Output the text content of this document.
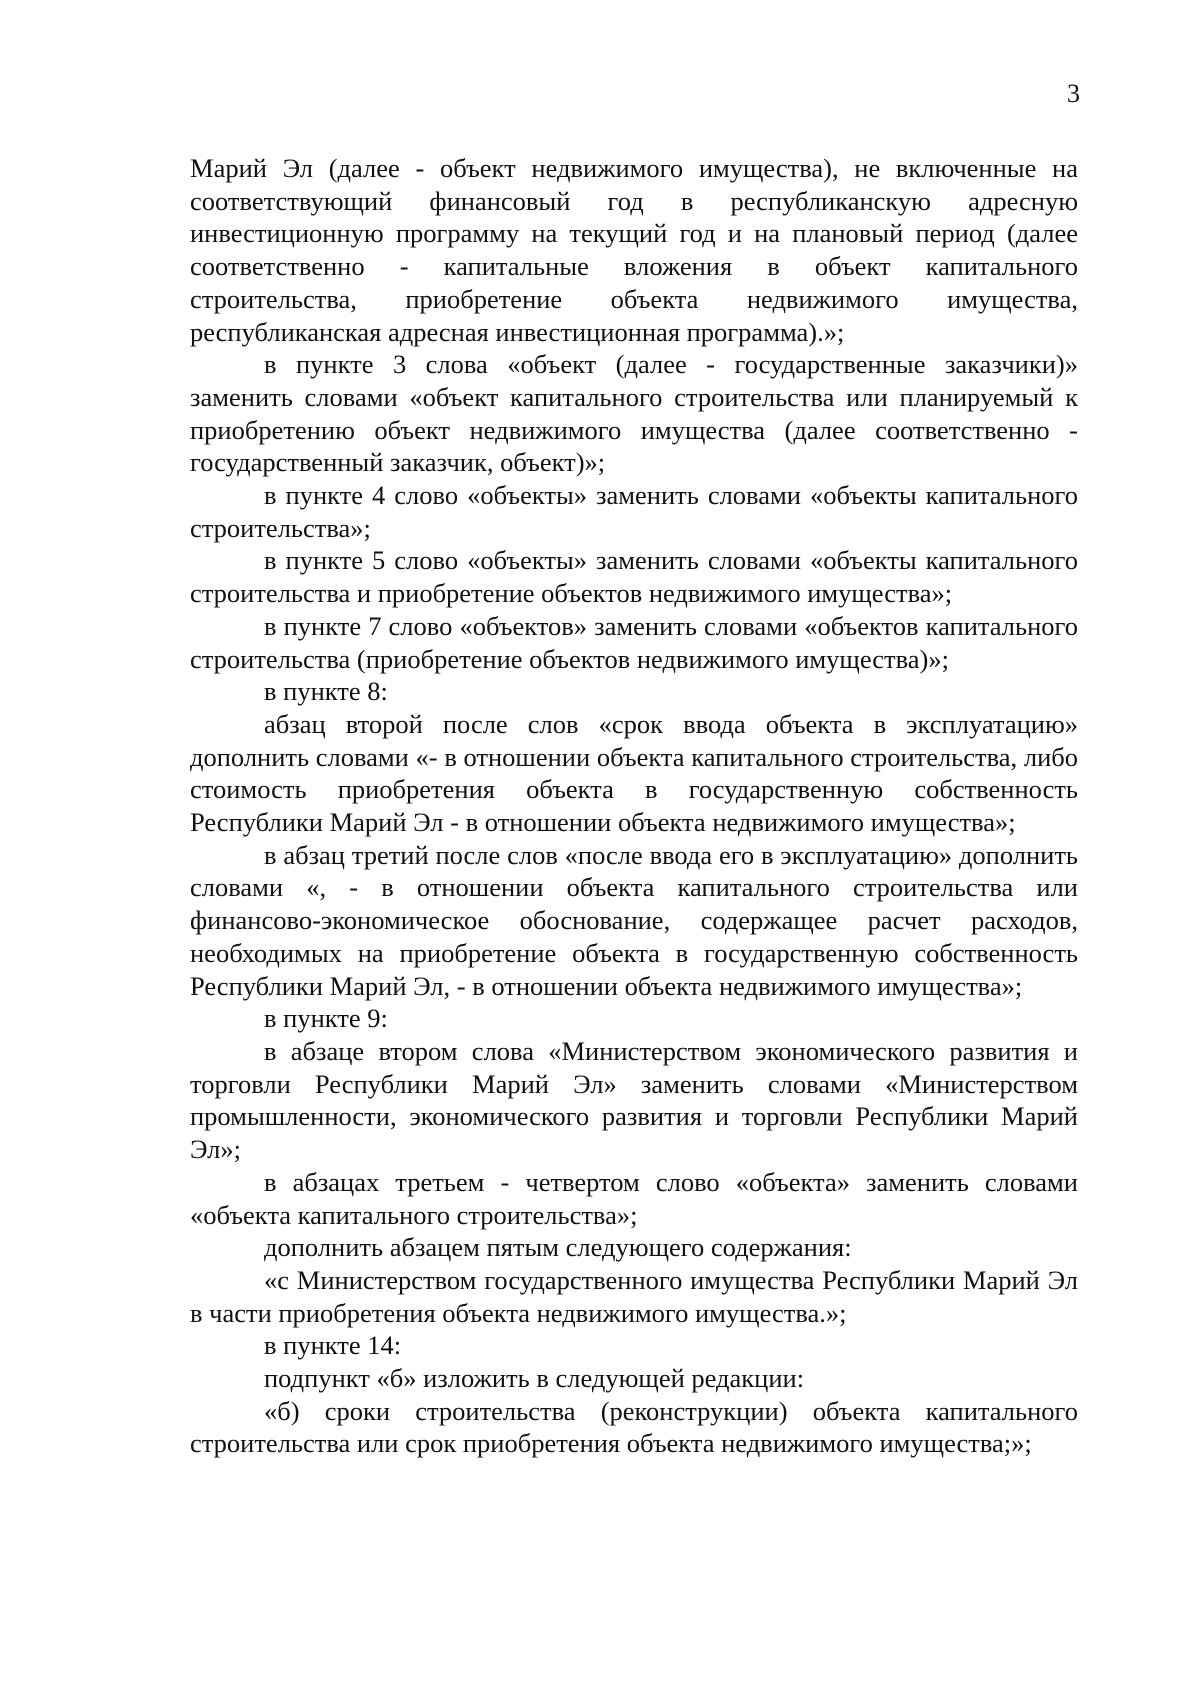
3

Марий Эл (далее - объект недвижимого имущества), не включенные на соответствующий финансовый год в республиканскую адресную инвестиционную программу на текущий год и на плановый период (далее соответственно - капитальные вложения в объект капитального строительства, приобретение объекта недвижимого имущества, республиканская адресная инвестиционная программа).»;

в пункте 3 слова «объект (далее - государственные заказчики)» заменить словами «объект капитального строительства или планируемый к приобретению объект недвижимого имущества (далее соответственно - государственный заказчик, объект)»;

в пункте 4 слово «объекты» заменить словами «объекты капитального строительства»;

в пункте 5 слово «объекты» заменить словами «объекты капитального строительства и приобретение объектов недвижимого имущества»;

в пункте 7 слово «объектов» заменить словами «объектов капитального строительства (приобретение объектов недвижимого имущества)»;

в пункте 8:

абзац второй после слов «срок ввода объекта в эксплуатацию» дополнить словами «- в отношении объекта капитального строительства, либо стоимость приобретения объекта в государственную собственность Республики Марий Эл - в отношении объекта недвижимого имущества»;

в абзац третий после слов «после ввода его в эксплуатацию» дополнить словами «, - в отношении объекта капитального строительства или финансово-экономическое обоснование, содержащее расчет расходов, необходимых на приобретение объекта в государственную собственность Республики Марий Эл, - в отношении объекта недвижимого имущества»;

в пункте 9:

в абзаце втором слова «Министерством экономического развития и торговли Республики Марий Эл» заменить словами «Министерством промышленности, экономического развития и торговли Республики Марий Эл»;

в абзацах третьем - четвертом слово «объекта» заменить словами «объекта капитального строительства»;

дополнить абзацем пятым следующего содержания:

«с Министерством государственного имущества Республики Марий Эл в части приобретения объекта недвижимого имущества.»;

в пункте 14:

подпункт «б» изложить в следующей редакции:

«б) сроки строительства (реконструкции) объекта капитального строительства или срок приобретения объекта недвижимого имущества;»;
